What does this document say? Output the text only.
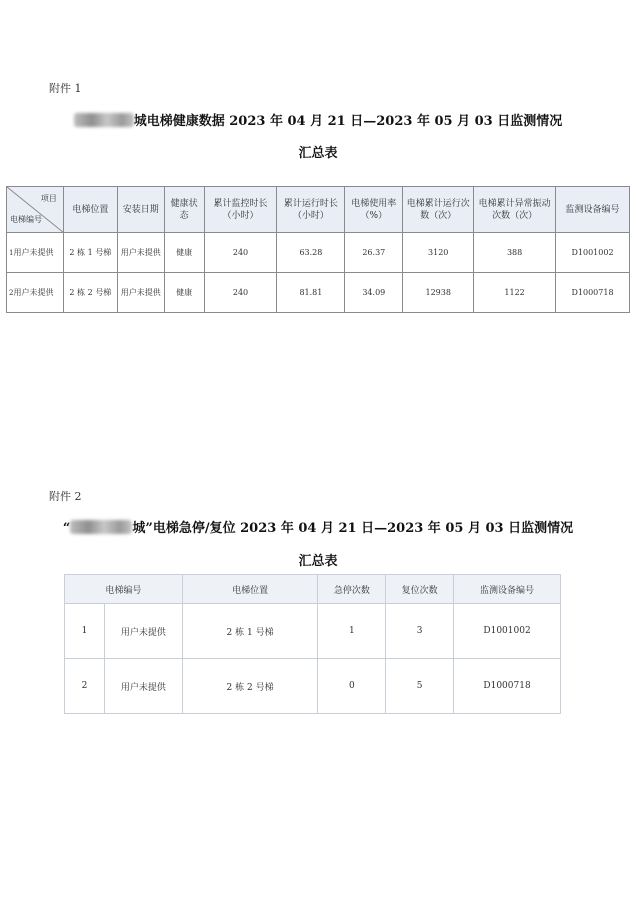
附件 1
城电梯健康数据 2023 年 04 月 21 日—2023 年 05 月 03 日监测情况
汇总表
项目
电梯编号	电梯位置	安装日期	健康状态	累计监控时长（小时）	累计运行时长（小时）	电梯使用率（%）	电梯累计运行次数（次）	电梯累计异常振动次数（次）	监测设备编号
1用户未提供	2 栋 1 号梯	用户未提供	健康	240	63.28	26.37	3120	388	D1001002
2用户未提供	2 栋 2 号梯	用户未提供	健康	240	81.81	34.09	12938	1122	D1000718
附件 2
“	城”电梯急停/复位 2023 年 04 月 21 日—2023 年 05 月 03 日监测情况
汇总表
电梯编号		电梯位置	急停次数	复位次数	监测设备编号
1	用户未提供	2 栋 1 号梯	1	3	D1001002
2	用户未提供	2 栋 2 号梯	0	5	D1000718
